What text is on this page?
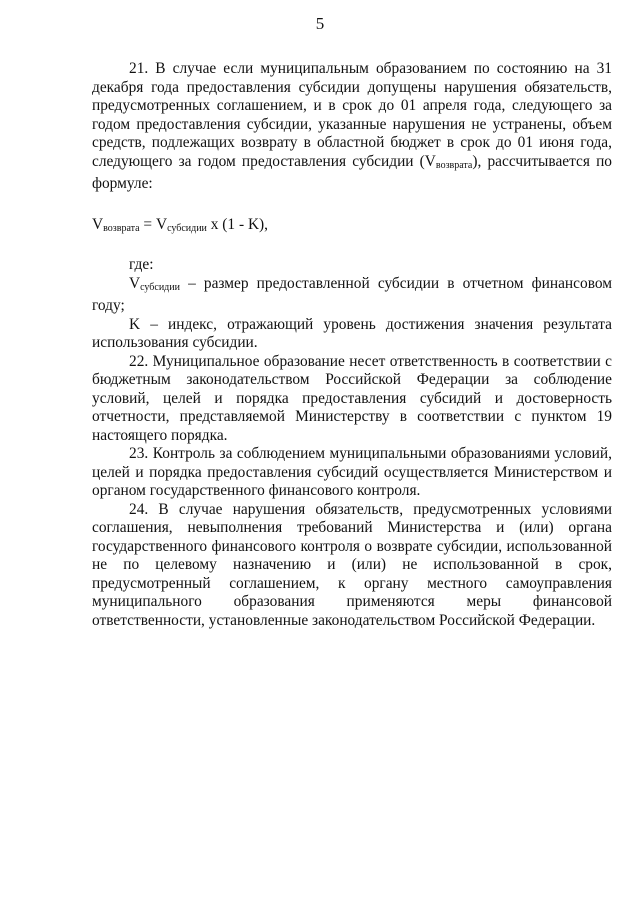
5

21. В случае если муниципальным образованием по состоянию на 31 декабря года предоставления субсидии допущены нарушения обязательств, предусмотренных соглашением, и в срок до 01 апреля года, следующего за годом предоставления субсидии, указанные нарушения не устранены, объем средств, подлежащих возврату в областной бюджет в срок до 01 июня года, следующего за годом предоставления субсидии $(V_{возврата})$, рассчитывается по формуле:

$V_{возврата} = V_{субсидии}$ x (1 - K),

где:

$V_{субсидии}$ – размер предоставленной субсидии в отчетном финансовом году;

K – индекс, отражающий уровень достижения значения результата использования субсидии.

22. Муниципальное образование несет ответственность в соответствии с бюджетным законодательством Российской Федерации за соблюдение условий, целей и порядка предоставления субсидий и достоверность отчетности, представляемой Министерству в соответствии с пунктом 19 настоящего порядка.

23. Контроль за соблюдением муниципальными образованиями условий, целей и порядка предоставления субсидий осуществляется Министерством и органом государственного финансового контроля.

24. В случае нарушения обязательств, предусмотренных условиями соглашения, невыполнения требований Министерства и (или) органа государственного финансового контроля о возврате субсидии, использованной не по целевому назначению и (или) не использованной в срок, предусмотренный соглашением, к органу местного самоуправления муниципального образования применяются меры финансовой ответственности, установленные законодательством Российской Федерации.
